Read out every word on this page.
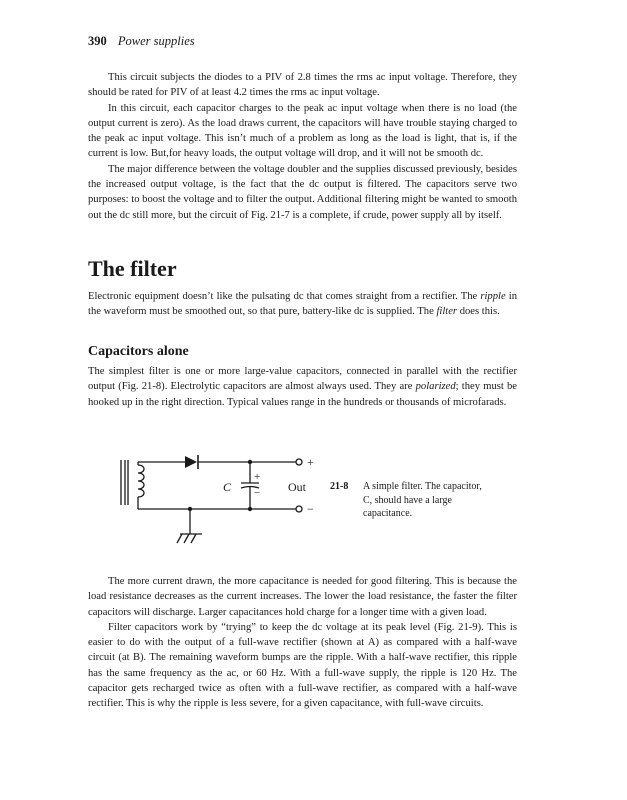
390 Power supplies

This circuit subjects the diodes to a PIV of 2.8 times the rms ac input voltage. Therefore, they should be rated for PIV of at least 4.2 times the rms ac input voltage.

In this circuit, each capacitor charges to the peak ac input voltage when there is no load (the output current is zero). As the load draws current, the capacitors will have trouble staying charged to the peak ac input voltage. This isn’t much of a problem as long as the load is light, that is, if the current is low. But,for heavy loads, the output voltage will drop, and it will not be smooth dc.

The major difference between the voltage doubler and the supplies discussed previously, besides the increased output voltage, is the fact that the dc output is filtered. The capacitors serve two purposes: to boost the voltage and to filter the output. Additional filtering might be wanted to smooth out the dc still more, but the circuit of Fig. 21-7 is a complete, if crude, power supply all by itself.

The filter

Electronic equipment doesn’t like the pulsating dc that comes straight from a rectifier. The ripple in the waveform must be smoothed out, so that pure, battery-like dc is supplied. The filter does this.

Capacitors alone

The simplest filter is one or more large-value capacitors, connected in parallel with the rectifier output (Fig. 21-8). Electrolytic capacitors are almost always used. They are polarized; they must be hooked up in the right direction. Typical values range in the hundreds or thousands of microfarads.

C
+
− Out
+
−
21-8 A simple filter. The capacitor, C, should have a large capacitance.

The more current drawn, the more capacitance is needed for good filtering. This is because the load resistance decreases as the current increases. The lower the load resistance, the faster the filter capacitors will discharge. Larger capacitances hold charge for a longer time with a given load.

Filter capacitors work by “trying” to keep the dc voltage at its peak level (Fig. 21-9). This is easier to do with the output of a full-wave rectifier (shown at A) as compared with a half-wave circuit (at B). The remaining waveform bumps are the ripple. With a half-wave rectifier, this ripple has the same frequency as the ac, or 60 Hz. With a full-wave supply, the ripple is 120 Hz. The capacitor gets recharged twice as often with a full-wave rectifier, as compared with a half-wave rectifier. This is why the ripple is less severe, for a given capacitance, with full-wave circuits.
